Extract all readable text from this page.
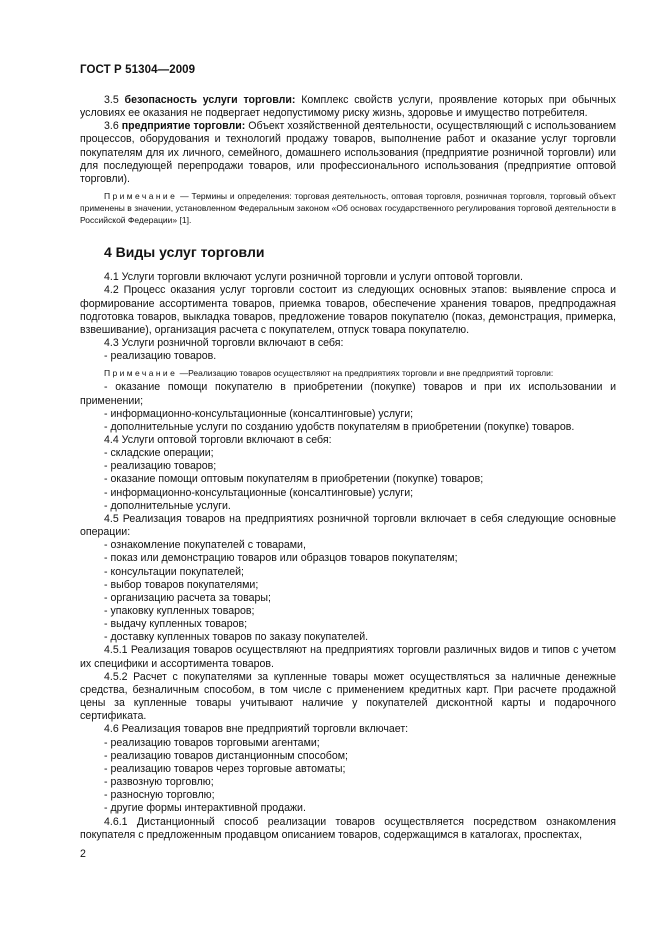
ГОСТ Р 51304—2009

3.5 безопасность услуги торговли: Комплекс свойств услуги, проявление которых при обычных условиях ее оказания не подвергает недопустимому риску жизнь, здоровье и имущество потребителя.

3.6 предприятие торговли: Объект хозяйственной деятельности, осуществляющий с использованием процессов, оборудования и технологий продажу товаров, выполнение работ и оказание услуг торговли покупателям для их личного, семейного, домашнего использования (предприятие розничной торговли) или для последующей перепродажи товаров, или профессионального использования (предприятие оптовой торговли).

Примечание — Термины и определения: торговая деятельность, оптовая торговля, розничная торговля, торговый объект применены в значении, установленном Федеральным законом «Об основах государственного регулирования торговой деятельности в Российской Федерации» [1].

4 Виды услуг торговли

4.1 Услуги торговли включают услуги розничной торговли и услуги оптовой торговли.

4.2 Процесс оказания услуг торговли состоит из следующих основных этапов: выявление спроса и формирование ассортимента товаров, приемка товаров, обеспечение хранения товаров, предпродажная подготовка товаров, выкладка товаров, предложение товаров покупателю (показ, демонстрация, примерка, взвешивание), организация расчета с покупателем, отпуск товара покупателю.

4.3 Услуги розничной торговли включают в себя:

- реализацию товаров.

Примечание —Реализацию товаров осуществляют на предприятиях торговли и вне предприятий торговли:

- оказание помощи покупателю в приобретении (покупке) товаров и при их использовании и применении;

- информационно-консультационные (консалтинговые) услуги;

- дополнительные услуги по созданию удобств покупателям в приобретении (покупке) товаров.

4.4 Услуги оптовой торговли включают в себя:

- складские операции;

- реализацию товаров;

- оказание помощи оптовым покупателям в приобретении (покупке) товаров;

- информационно-консультационные (консалтинговые) услуги;

- дополнительные услуги.

4.5 Реализация товаров на предприятиях розничной торговли включает в себя следующие основные операции:

- ознакомление покупателей с товарами,

- показ или демонстрацию товаров или образцов товаров покупателям;

- консультации покупателей;

- выбор товаров покупателями;

- организацию расчета за товары;

- упаковку купленных товаров;

- выдачу купленных товаров;

- доставку купленных товаров по заказу покупателей.

4.5.1 Реализация товаров осуществляют на предприятиях торговли различных видов и типов с учетом их специфики и ассортимента товаров.

4.5.2 Расчет с покупателями за купленные товары может осуществляться за наличные денежные средства, безналичным способом, в том числе с применением кредитных карт. При расчете продажной цены за купленные товары учитывают наличие у покупателей дисконтной карты и подарочного сертификата.

4.6 Реализация товаров вне предприятий торговли включает:

- реализацию товаров торговыми агентами;

- реализацию товаров дистанционным способом;

- реализацию товаров через торговые автоматы;

- развозную торговлю;

- разносную торговлю;

- другие формы интерактивной продажи.

4.6.1 Дистанционный способ реализации товаров осуществляется посредством ознакомления покупателя с предложенным продавцом описанием товаров, содержащимся в каталогах, проспектах,

2
